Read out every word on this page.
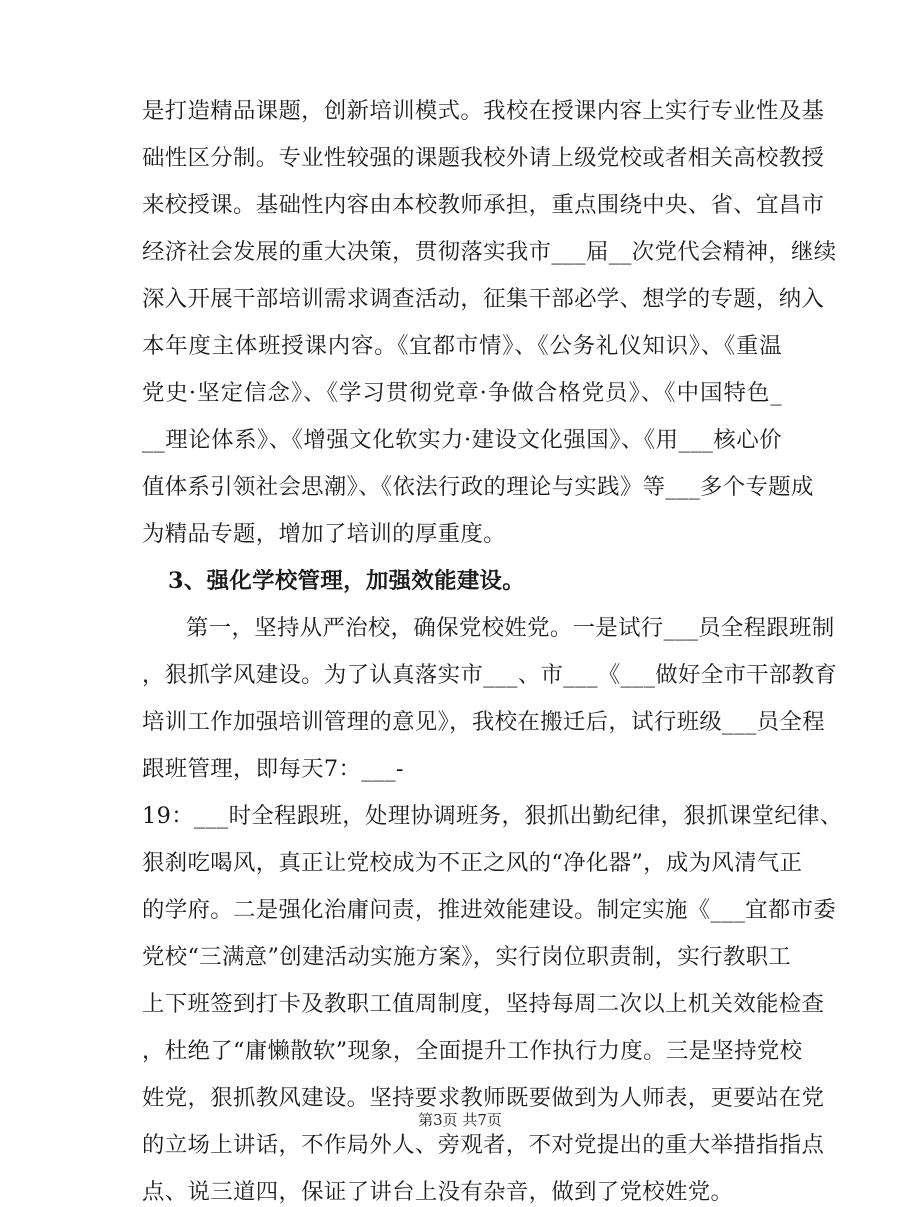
是打造精品课题，创新培训模式。我校在授课内容上实行专业性及基
础性区分制。专业性较强的课题我校外请上级党校或者相关高校教授
来校授课。基础性内容由本校教师承担，重点围绕中央、省、宜昌市
经济社会发展的重大决策，贯彻落实我市___届__次党代会精神，继续
深入开展干部培训需求调查活动，征集干部必学、想学的专题，纳入
本年度主体班授课内容。《宜都市情》、《公务礼仪知识》、《重温
党史·坚定信念》、《学习贯彻党章·争做合格党员》、《中国特色_
__理论体系》、《增强文化软实力·建设文化强国》、《用___核心价
值体系引领社会思潮》、《依法行政的理论与实践》等___多个专题成
为精品专题，增加了培训的厚重度。
3、强化学校管理，加强效能建设。
第一，坚持从严治校，确保党校姓党。一是试行___员全程跟班制
，狠抓学风建设。为了认真落实市___、市___《___做好全市干部教育
培训工作加强培训管理的意见》，我校在搬迁后，试行班级___员全程
跟班管理，即每天7：___-
19：___时全程跟班，处理协调班务，狠抓出勤纪律，狠抓课堂纪律、
狠刹吃喝风，真正让党校成为不正之风的“净化器”，成为风清气正
的学府。二是强化治庸问责，推进效能建设。制定实施《___宜都市委
党校“三满意”创建活动实施方案》，实行岗位职责制，实行教职工
上下班签到打卡及教职工值周制度，坚持每周二次以上机关效能检查
，杜绝了“庸懒散软”现象，全面提升工作执行力度。三是坚持党校
姓党，狠抓教风建设。坚持要求教师既要做到为人师表，更要站在党
的立场上讲话，不作局外人、旁观者，不对党提出的重大举措指指点
点、说三道四，保证了讲台上没有杂音，做到了党校姓党。
第3页 共7页
